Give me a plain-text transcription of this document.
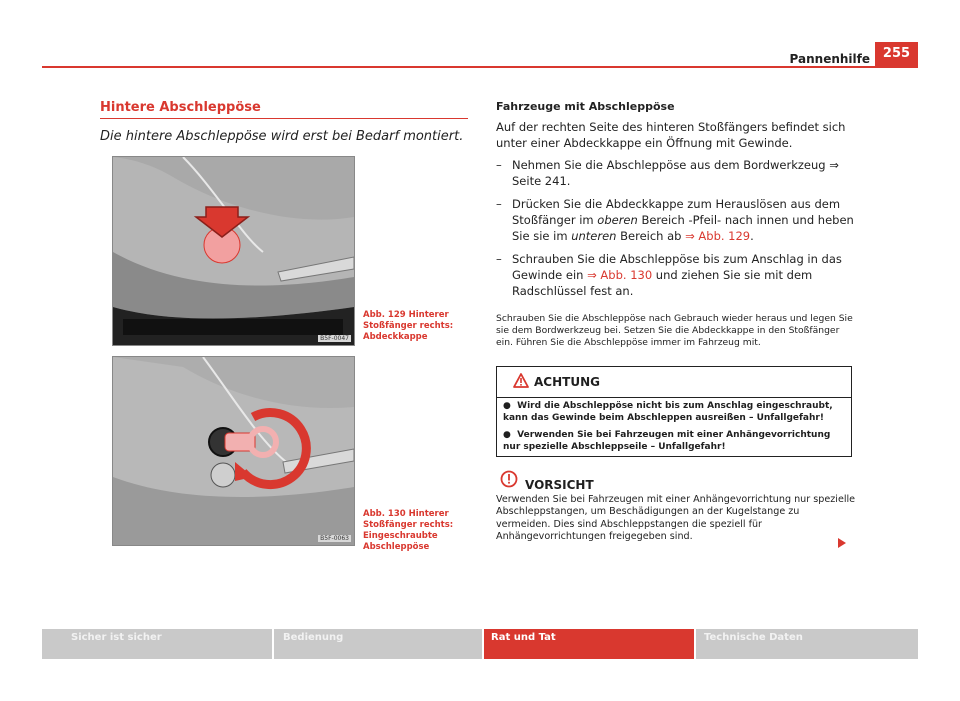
Pannenhilfe 255
Hintere Abschleppöse
Die hintere Abschleppöse wird erst bei Bedarf montiert.
B5F-0047
Abb. 129 Hinterer Stoßfänger rechts: Abdeckkappe
B5F-0063
Abb. 130 Hinterer Stoßfänger rechts: Eingeschraubte Abschleppöse
Fahrzeuge mit Abschleppöse
Auf der rechten Seite des hinteren Stoßfängers befindet sich unter einer Abdeckkappe ein Öffnung mit Gewinde.
– Nehmen Sie die Abschleppöse aus dem Bordwerkzeug ⇒ Seite 241.
– Drücken Sie die Abdeckkappe zum Herauslösen aus dem Stoßfänger im oberen Bereich -Pfeil- nach innen und heben Sie sie im unteren Bereich ab ⇒ Abb. 129.
– Schrauben Sie die Abschleppöse bis zum Anschlag in das Gewinde ein ⇒ Abb. 130 und ziehen Sie sie mit dem Radschlüssel fest an.
Schrauben Sie die Abschleppöse nach Gebrauch wieder heraus und legen Sie sie dem Bordwerkzeug bei. Setzen Sie die Abdeckkappe in den Stoßfänger ein. Führen Sie die Abschleppöse immer im Fahrzeug mit.
ACHTUNG
● Wird die Abschleppöse nicht bis zum Anschlag eingeschraubt, kann das Gewinde beim Abschleppen ausreißen – Unfallgefahr!
● Verwenden Sie bei Fahrzeugen mit einer Anhängevorrichtung nur spezielle Abschleppseile – Unfallgefahr!
VORSICHT
Verwenden Sie bei Fahrzeugen mit einer Anhängevorrichtung nur spezielle Abschleppstangen, um Beschädigungen an der Kugelstange zu vermeiden. Dies sind Abschleppstangen die speziell für Anhängevorrichtungen freigegeben sind.
Sicher ist sicher	Bedienung	Rat und Tat	Technische Daten
